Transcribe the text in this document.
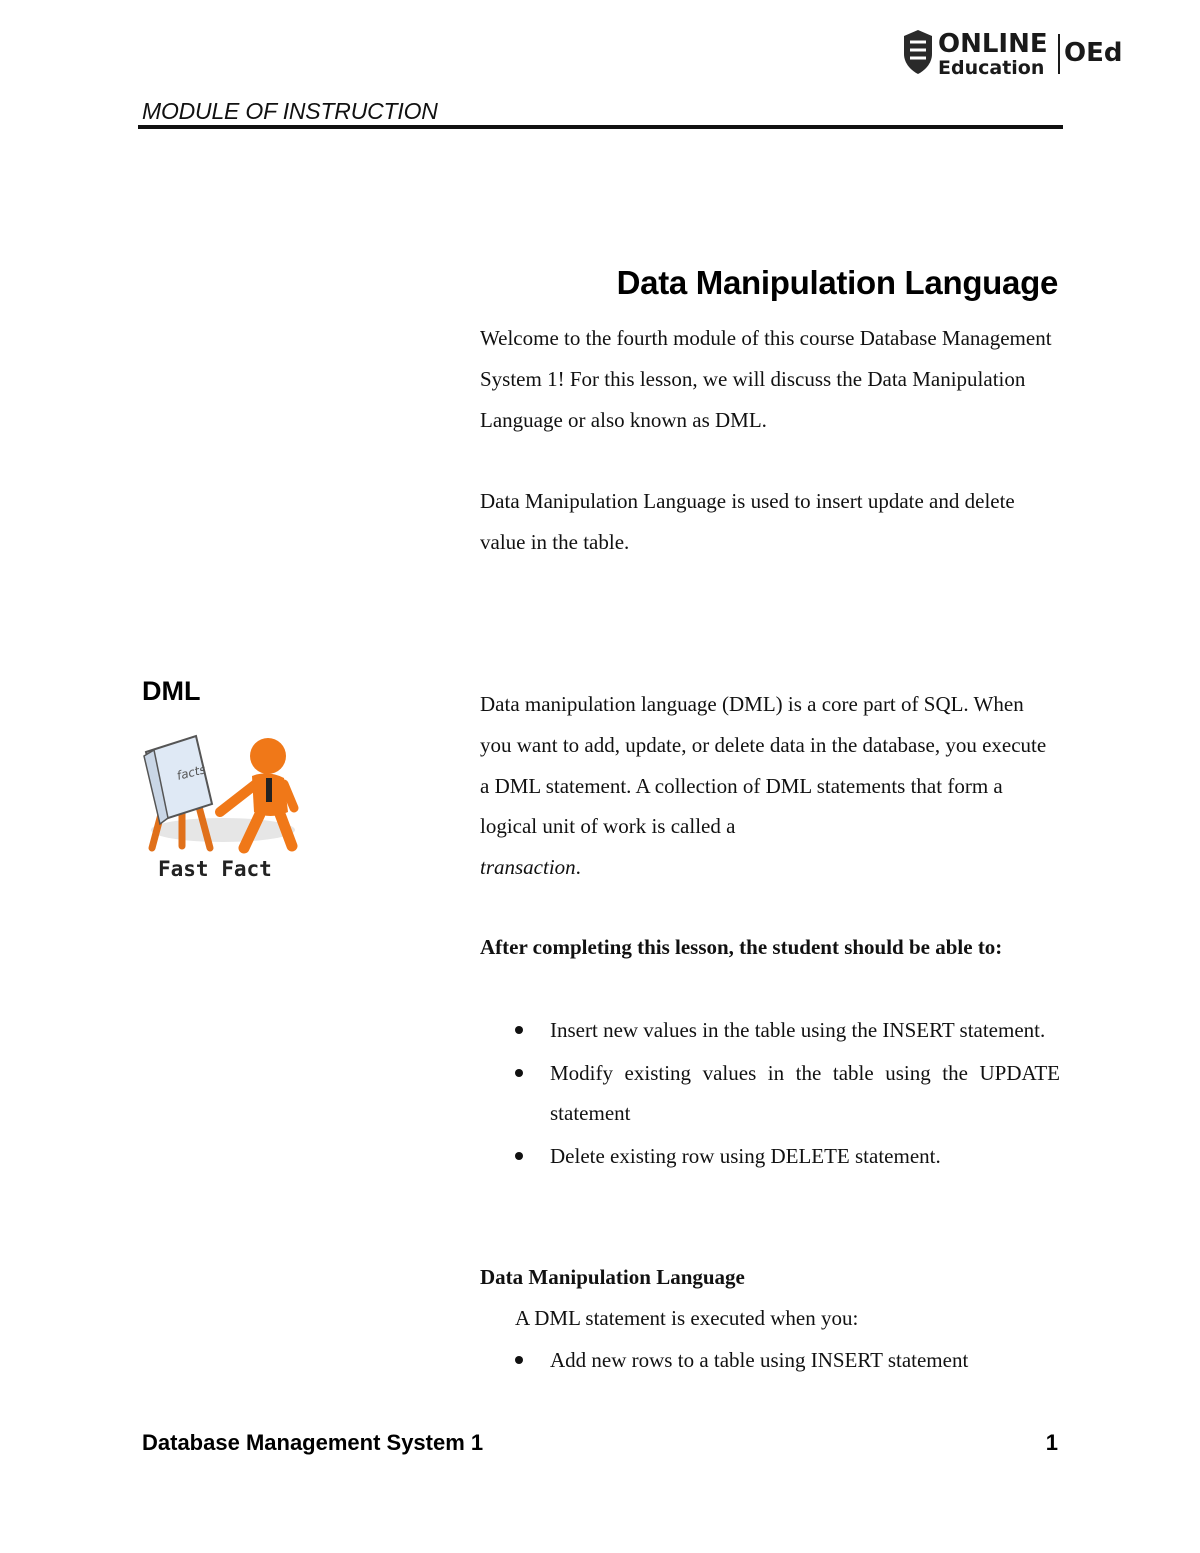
ONLINE
Education OEd
MODULE OF INSTRUCTION
Data Manipulation Language
Welcome to the fourth module of this course Database Management System 1! For this lesson, we will discuss the Data Manipulation Language or also known as DML.
Data Manipulation Language is used to insert update and delete value in the table.
DML
facts
Fast Fact
Data manipulation language (DML) is a core part of SQL. When you want to add, update, or delete data in the database, you execute a DML statement. A collection of DML statements that form a logical unit of work is called a
transaction.
After completing this lesson, the student should be able to:
Insert new values in the table using the INSERT statement.
Modify existing values in the table using the UPDATE statement
Delete existing row using DELETE statement.
Data Manipulation Language
A DML statement is executed when you:
Add new rows to a table using INSERT statement
Database Management System 1	1
